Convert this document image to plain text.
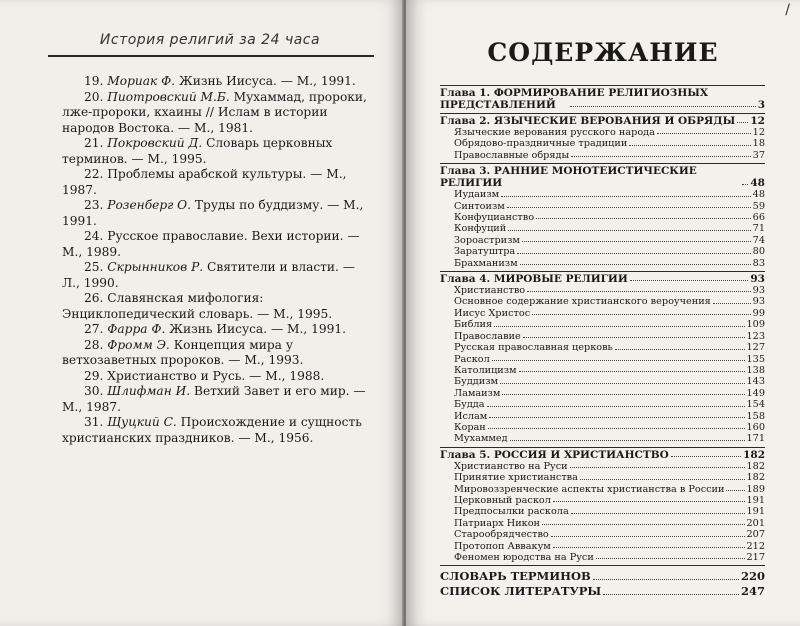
История религий за 24 часа

19. Мориак Ф. Жизнь Иисуса. — М., 1991.

20. Пиотровский М.Б. Мухаммад, пророки, лже-пророки, кхаины // Ислам в истории народов Востока. — М., 1981.

21. Покровский Д. Словарь церковных терминов. — М., 1995.

22. Проблемы арабской культуры. — М., 1987.

23. Розенберг О. Труды по буддизму. — М., 1991.

24. Русское православие. Вехи истории. — М., 1989.

25. Скрынников Р. Святители и власти. — Л., 1990.

26. Славянская мифология: Энциклопедический словарь. — М., 1995.

27. Фарра Ф. Жизнь Иисуса. — М., 1991.

28. Фромм Э. Концепция мира у ветхозаветных пророков. — М., 1993.

29. Христианство и Русь. — М., 1988.

30. Шлифман И. Ветхий Завет и его мир. — М., 1987.

31. Щуцкий С. Происхождение и сущность христианских праздников. — М., 1956.

/
СОДЕРЖАНИЕ
Глава 1. ФОРМИРОВАНИЕ РЕЛИГИОЗНЫХ ПРЕДСТАВЛЕНИЙ	3
Глава 2. ЯЗЫЧЕСКИЕ ВЕРОВАНИЯ И ОБРЯДЫ 12
Языческие верования русского народа	12
Обрядово-праздничные традиции	18
Православные обряды	37
Глава 3. РАННИЕ МОНОТЕИСТИЧЕСКИЕ РЕЛИГИИ	48
Иудаизм	48
Синтоизм	59
Конфуцианство	66
Конфуций	71
Зороастризм	74
Заратуштра	80
Брахманизм	83
Глава 4. МИРОВЫЕ РЕЛИГИИ	93
Христианство	93
Основное содержание христианского вероучения	93
Иисус Христос	99
Библия	109
Православие	123
Русская православная церковь	127
Раскол	135
Католицизм	138
Буддизм	143
Ламаизм	149
Будда	154
Ислам	158
Коран	160
Мухаммед	171
Глава 5. РОССИЯ И ХРИСТИАНСТВО	182
Христианство на Руси	182
Принятие христианства	182
Мировоззренческие аспекты христианства в России 189
Церковный раскол	191
Предпосылки раскола	191
Патриарх Никон	201
Старообрядчество	207
Протопоп Аввакум	212
Феномен юродства на Руси	217
СЛОВАРЬ ТЕРМИНОВ	220
СПИСОК ЛИТЕРАТУРЫ	247
